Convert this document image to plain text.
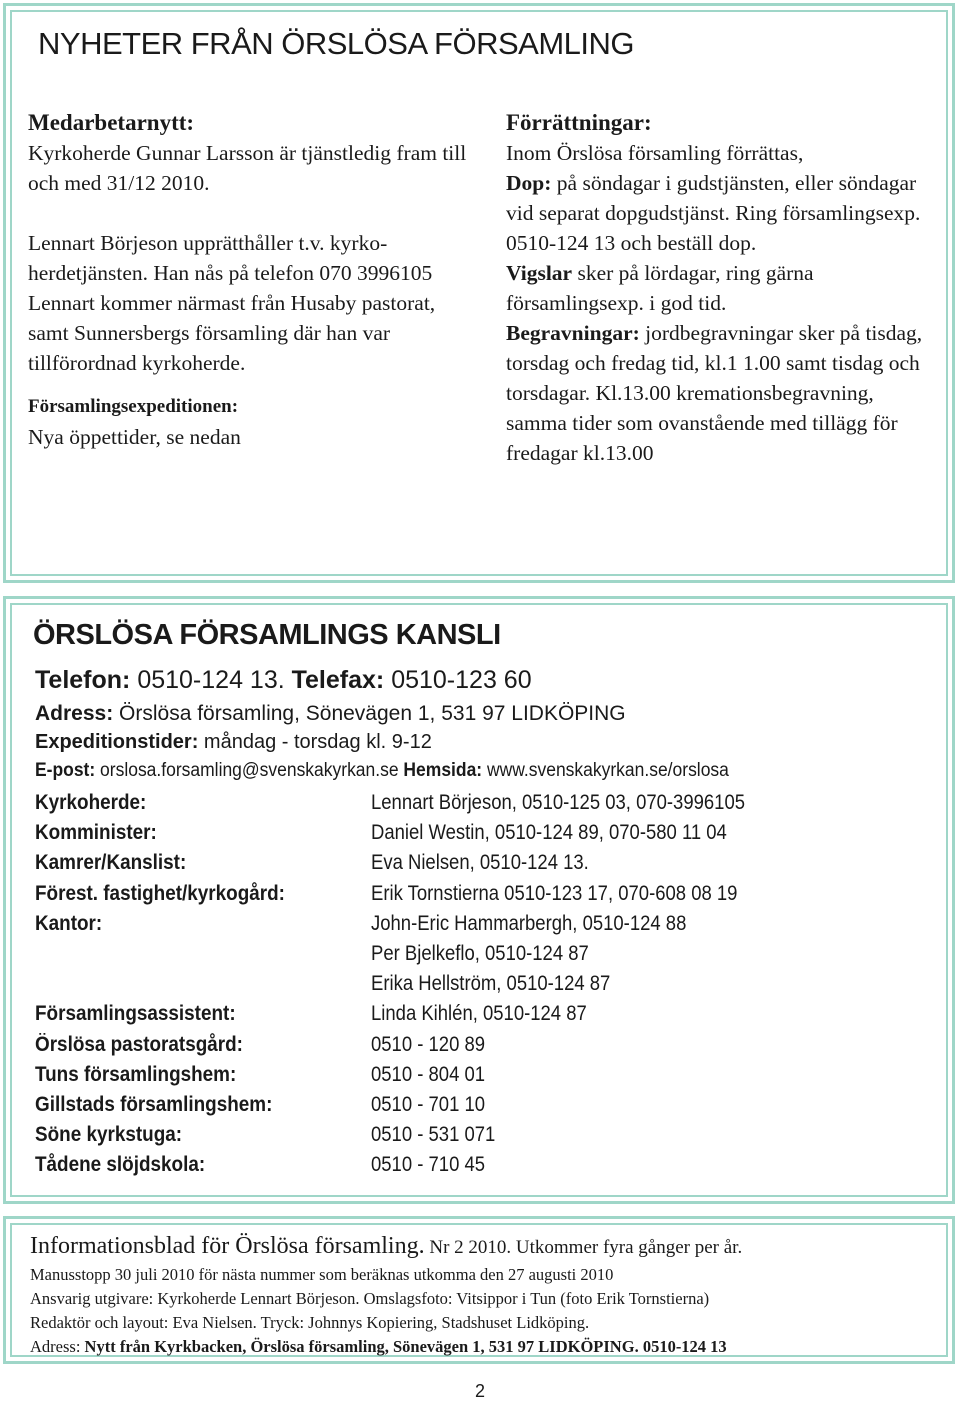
NYHETER FRÅN ÖRSLÖSA FÖRSAMLING
Medarbetarnytt:

Kyrkoherde Gunnar Larsson är tjänstledig fram till och med 31/12 2010.

Lennart Börjeson upprätthåller t.v. kyrko- herdetjänsten. Han nås på telefon 070 3996105 Lennart kommer närmast från Husaby pastorat, samt Sunnersbergs församling där han var tillförordnad kyrkoherde.

Församlingsexpeditionen:

Nya öppettider, se nedan

Förrättningar:

Inom Örslösa församling förrättas,

Dop: på söndagar i gudstjänsten, eller söndagar vid separat dopgudstjänst. Ring församlingsexp. 0510-124 13 och beställ dop.

Vigslar sker på lördagar, ring gärna församlingsexp. i god tid.

Begravningar: jordbegravningar sker på tisdag, torsdag och fredag tid, kl.1 1.00 samt tisdag och torsdagar. Kl.13.00 kremationsbegravning, samma tider som ovanstående med tillägg för fredagar kl.13.00

ÖRSLÖSA FÖRSAMLINGS KANSLI
Telefon: 0510-124 13. Telefax: 0510-123 60
Adress: Örslösa församling, Sönevägen 1, 531 97 LIDKÖPING
Expeditionstider: måndag - torsdag kl. 9-12
E-post: orslosa.forsamling@svenskakyrkan.se Hemsida: www.svenskakyrkan.se/orslosa
Kyrkoherde:	Lennart Börjeson, 0510-125 03, 070-3996105
Komminister:	Daniel Westin, 0510-124 89, 070-580 11 04
Kamrer/Kanslist:	Eva Nielsen, 0510-124 13.
Förest. fastighet/kyrkogård:	Erik Tornstierna 0510-123 17, 070-608 08 19
Kantor:	John-Eric Hammarbergh, 0510-124 88
Per Bjelkeflo, 0510-124 87
Erika Hellström, 0510-124 87
Församlingsassistent:	Linda Kihlén, 0510-124 87
Örslösa pastoratsgård:	0510 - 120 89
Tuns församlingshem:	0510 - 804 01
Gillstads församlingshem:	0510 - 701 10
Söne kyrkstuga:	0510 - 531 071
Tådene slöjdskola:	0510 - 710 45

Informationsblad för Örslösa församling. Nr 2 2010. Utkommer fyra gånger per år.

Manusstopp 30 juli 2010 för nästa nummer som beräknas utkomma den 27 augusti 2010

Ansvarig utgivare: Kyrkoherde Lennart Börjeson. Omslagsfoto: Vitsippor i Tun (foto Erik Tornstierna)

Redaktör och layout: Eva Nielsen. Tryck: Johnnys Kopiering, Stadshuset Lidköping.

Adress: Nytt från Kyrkbacken, Örslösa församling, Sönevägen 1, 531 97 LIDKÖPING. 0510-124 13

2
